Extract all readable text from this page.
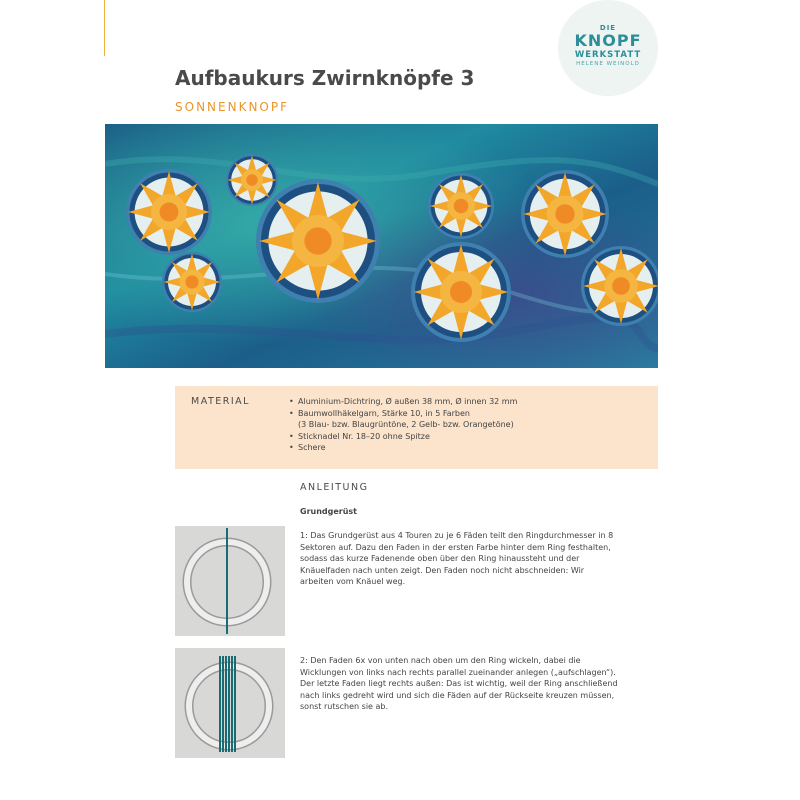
DIE
KNOPF
WERKSTATT
HELENE WEINOLD
Aufbaukurs Zwirnknöpfe 3
SONNENKNOPF
MATERIAL
•	Aluminium-Dichtring, Ø außen 38 mm, Ø innen 32 mm
• Baumwollhäkelgarn, Stärke 10, in 5 Farben
(3 Blau- bzw. Blaugrüntöne, 2 Gelb- bzw. Orangetöne)
• Sticknadel Nr. 18–20 ohne Spitze
• Schere
ANLEITUNG
Grundgerüst

1: Das Grundgerüst aus 4 Touren zu je 6 Fäden teilt den Ringdurchmesser in 8 Sektoren auf. Dazu den Faden in der ersten Farbe hinter dem Ring festhalten, sodass das kurze Fadenende oben über den Ring hinaussteht und der Knäuelfaden nach unten zeigt. Den Faden noch nicht abschneiden: Wir arbeiten vom Knäuel weg.

2: Den Faden 6x von unten nach oben um den Ring wickeln, dabei die Wicklungen von links nach rechts parallel zueinander anlegen („aufschlagen“). Der letzte Faden liegt rechts außen: Das ist wichtig, weil der Ring anschließend nach links gedreht wird und sich die Fäden auf der Rückseite kreuzen müssen, sonst rutschen sie ab.
